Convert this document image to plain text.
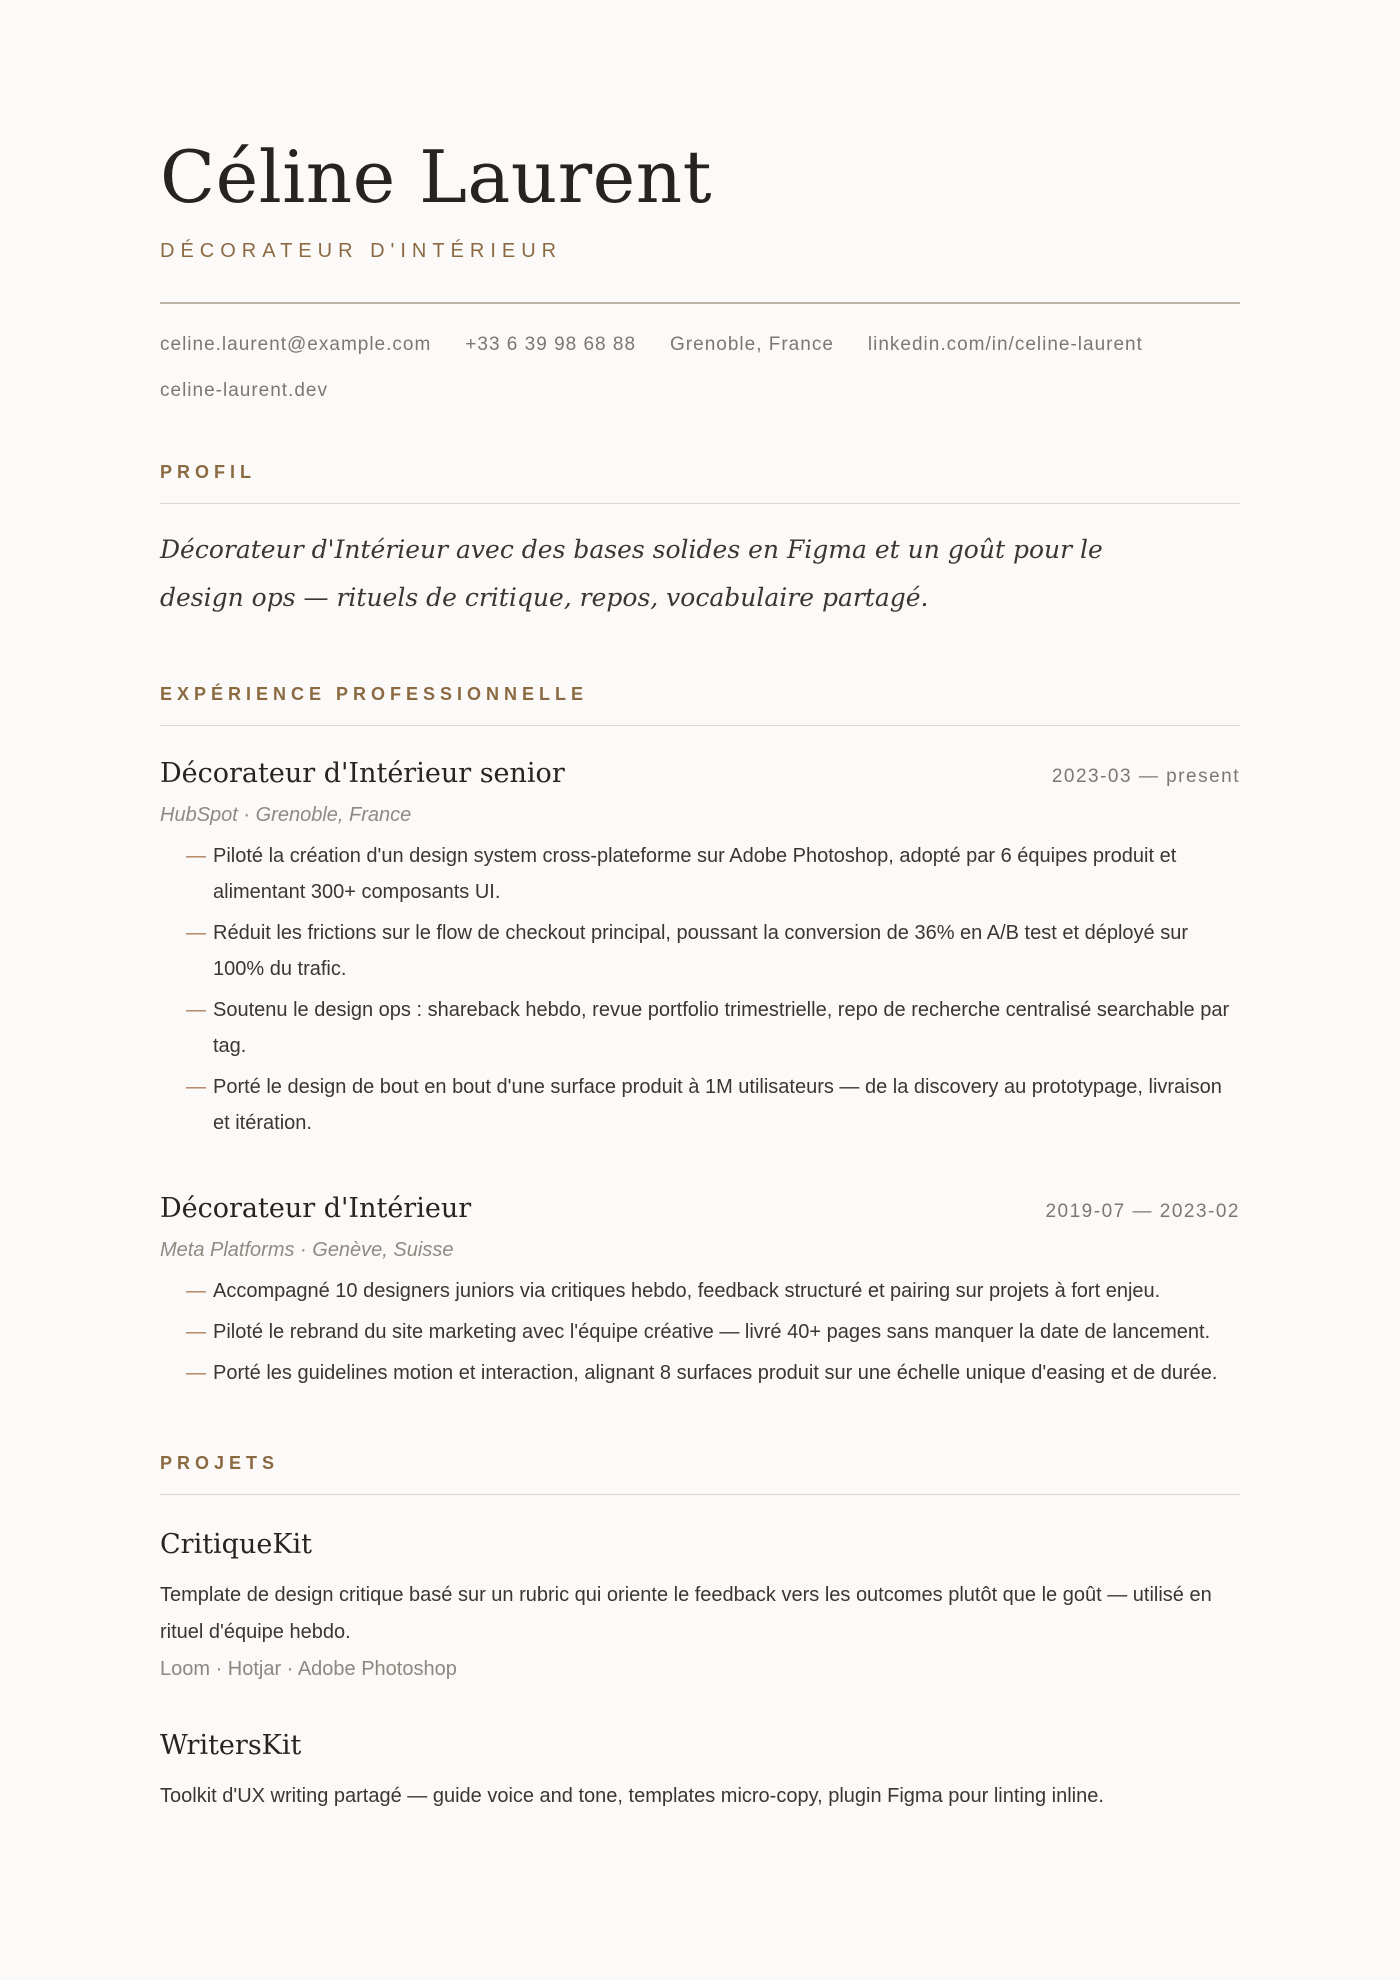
Céline Laurent
DÉCORATEUR D'INTÉRIEUR
celine.laurent@example.com +33 6 39 98 68 88 Grenoble, France linkedin.com/in/celine-laurent
celine-laurent.dev
PROFIL
Décorateur d'Intérieur avec des bases solides en Figma et un goût pour le design ops — rituels de critique, repos, vocabulaire partagé.
EXPÉRIENCE PROFESSIONNELLE
Décorateur d'Intérieur senior	2023-03 — present
HubSpot · Grenoble, France
— Piloté la création d'un design system cross-plateforme sur Adobe Photoshop, adopté par 6 équipes produit et alimentant 300+ composants UI.
— Réduit les frictions sur le flow de checkout principal, poussant la conversion de 36% en A/B test et déployé sur 100% du trafic.
— Soutenu le design ops : shareback hebdo, revue portfolio trimestrielle, repo de recherche centralisé searchable par tag.
— Porté le design de bout en bout d'une surface produit à 1M utilisateurs — de la discovery au prototypage, livraison et itération.
Décorateur d'Intérieur	2019-07 — 2023-02
Meta Platforms · Genève, Suisse
— Accompagné 10 designers juniors via critiques hebdo, feedback structuré et pairing sur projets à fort enjeu.
— Piloté le rebrand du site marketing avec l'équipe créative — livré 40+ pages sans manquer la date de lancement.
— Porté les guidelines motion et interaction, alignant 8 surfaces produit sur une échelle unique d'easing et de durée.
PROJETS
CritiqueKit
Template de design critique basé sur un rubric qui oriente le feedback vers les outcomes plutôt que le goût — utilisé en rituel d'équipe hebdo.
Loom · Hotjar · Adobe Photoshop
WritersKit
Toolkit d'UX writing partagé — guide voice and tone, templates micro-copy, plugin Figma pour linting inline.
